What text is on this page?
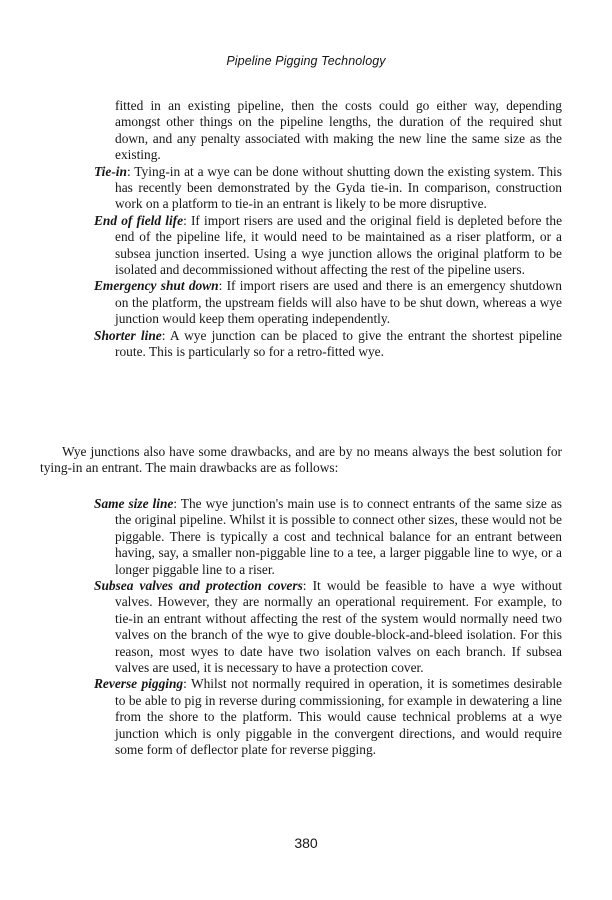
Pipeline Pigging Technology

fitted in an existing pipeline, then the costs could go either way, depending amongst other things on the pipeline lengths, the duration of the required shut down, and any penalty associated with making the new line the same size as the existing.

Tie-in: Tying-in at a wye can be done without shutting down the existing system. This has recently been demonstrated by the Gyda tie-in. In comparison, construction work on a platform to tie-in an entrant is likely to be more disruptive.

End of field life: If import risers are used and the original field is depleted before the end of the pipeline life, it would need to be maintained as a riser platform, or a subsea junction inserted. Using a wye junction allows the original platform to be isolated and decommissioned without affecting the rest of the pipeline users.

Emergency shut down: If import risers are used and there is an emergency shutdown on the platform, the upstream fields will also have to be shut down, whereas a wye junction would keep them operating independently.

Shorter line: A wye junction can be placed to give the entrant the shortest pipeline route. This is particularly so for a retro-fitted wye.

Wye junctions also have some drawbacks, and are by no means always the best solution for tying-in an entrant. The main drawbacks are as follows:

Same size line: The wye junction's main use is to connect entrants of the same size as the original pipeline. Whilst it is possible to connect other sizes, these would not be piggable. There is typically a cost and technical balance for an entrant between having, say, a smaller non-piggable line to a tee, a larger piggable line to wye, or a longer piggable line to a riser.

Subsea valves and protection covers: It would be feasible to have a wye without valves. However, they are normally an operational requirement. For example, to tie-in an entrant without affecting the rest of the system would normally need two valves on the branch of the wye to give double-block-and-bleed isolation. For this reason, most wyes to date have two isolation valves on each branch. If subsea valves are used, it is necessary to have a protection cover.

Reverse pigging: Whilst not normally required in operation, it is sometimes desirable to be able to pig in reverse during commissioning, for example in dewatering a line from the shore to the platform. This would cause technical problems at a wye junction which is only piggable in the convergent directions, and would require some form of deflector plate for reverse pigging.

380
